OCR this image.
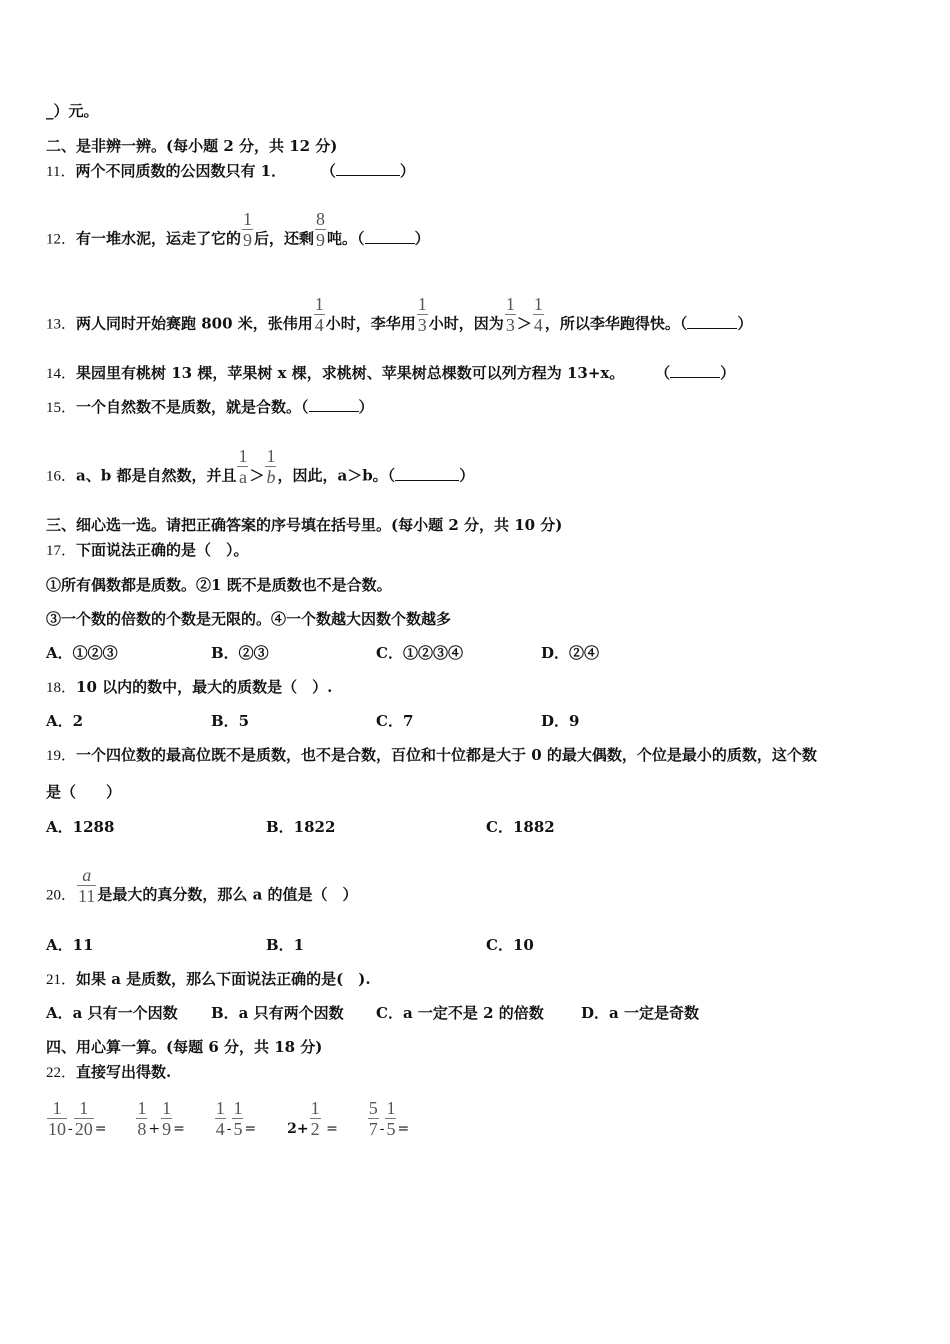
_）元。
二、是非辨一辨。(每小题 2 分，共 12 分)
11．两个不同质数的公因数只有 1． （	）
12．有一堆水泥，运走了它的 $\frac{1}{9}$ 后，还剩 $\frac{8}{9}$ 吨。（	）
13．两人同时开始赛跑 800 米，张伟用 $\frac{1}{4}$ 小时，李华用 $\frac{1}{3}$ 小时，因为 $\frac{1}{3} > \frac{1}{4}$ ，所以李华跑得快。（	）
14．果园里有桃树 13 棵，苹果树 x 棵，求桃树、苹果树总棵数可以列方程为 13+x。 （	）
15．一个自然数不是质数，就是合数。（	）
16．a、b 都是自然数，并且 $\frac{1}{a} > \frac{1}{b}$ ，因此，a＞b。（	）
三、细心选一选。请把正确答案的序号填在括号里。(每小题 2 分，共 10 分)
17．下面说法正确的是（　）。
①所有偶数都是质数。②1 既不是质数也不是合数。
③一个数的倍数的个数是无限的。④一个数越大因数个数越多
A．①②③	B．②③	C．①②③④	D．②④
18．10 以内的数中，最大的质数是（　）.
A．2	B．5	C．7	D．9
19．一个四位数的最高位既不是质数，也不是合数，百位和十位都是大于 0 的最大偶数，个位是最小的质数，这个数
是（　　）
A．1288	B．1822	C．1882
20． $\frac{a}{11}$ 是最大的真分数，那么 a 的值是（　）
A．11	B．1	C．10
21．如果 a 是质数，那么下面说法正确的是(　).
A．a 只有一个因数 B．a 只有两个因数 C．a 一定不是 2 的倍数 D．a 一定是奇数
四、用心算一算。(每题 6 分，共 18 分)
22．直接写出得数.
$\frac{1}{10} - \frac{1}{20} = \frac{1}{8} + \frac{1}{9} = \frac{1}{4} - \frac{1}{5} = 2+ \frac{1}{2} = \frac{5}{7} - \frac{1}{5}$ =
